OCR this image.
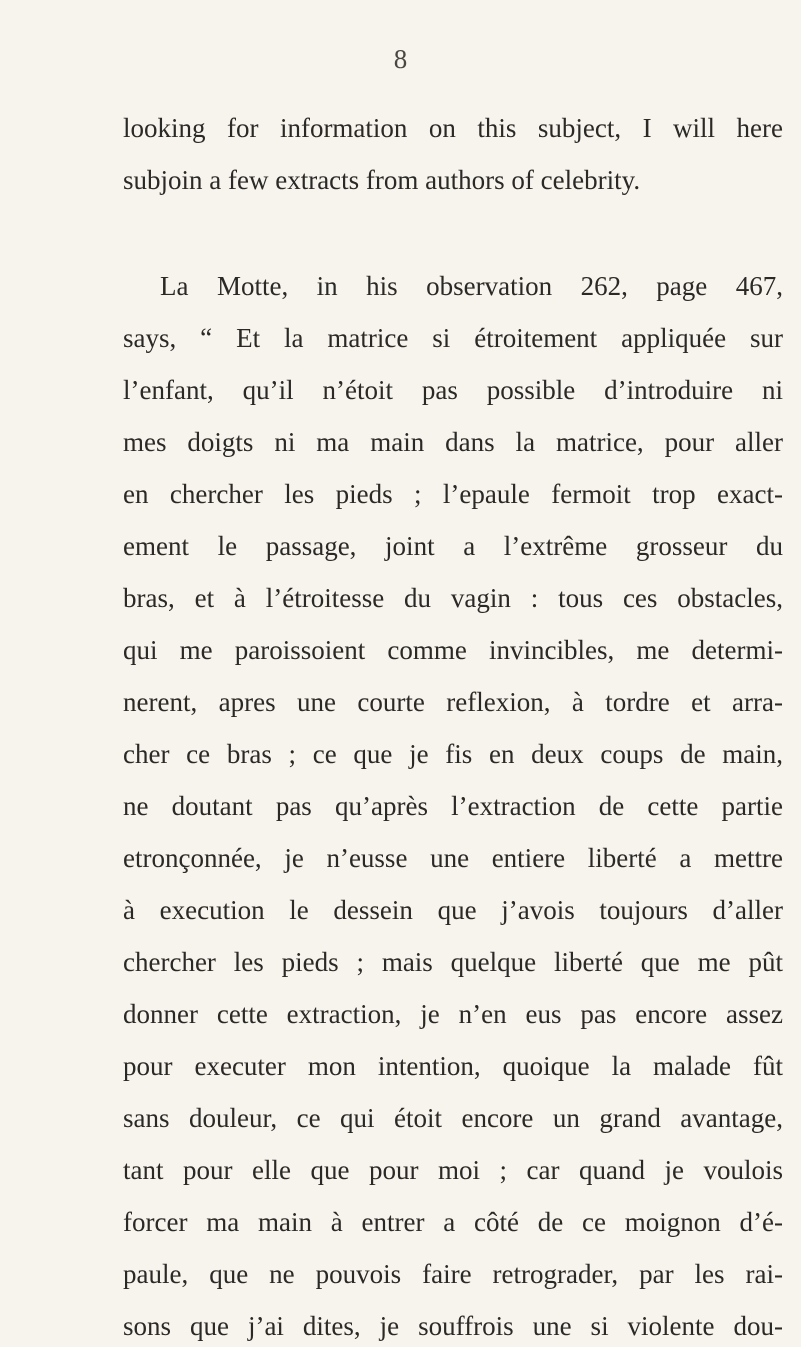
8
looking for information on this subject, I will here
subjoin a few extracts from authors of celebrity.
La Motte, in his observation 262, page 467,
says, “ Et la matrice si étroitement appliquée sur
l’enfant, qu’il n’étoit pas possible d’introduire ni
mes doigts ni ma main dans la matrice, pour aller
en chercher les pieds ; l’epaule fermoit trop exact-
ement le passage, joint a l’extrême grosseur du
bras, et à l’étroitesse du vagin : tous ces obstacles,
qui me paroissoient comme invincibles, me determi-
nerent, apres une courte reflexion, à tordre et arra-
cher ce bras ; ce que je fis en deux coups de main,
ne doutant pas qu’après l’extraction de cette partie
etronçonnée, je n’eusse une entiere liberté a mettre
à execution le dessein que j’avois toujours d’aller
chercher les pieds ; mais quelque liberté que me pût
donner cette extraction, je n’en eus pas encore assez
pour executer mon intention, quoique la malade fût
sans douleur, ce qui étoit encore un grand avantage,
tant pour elle que pour moi ; car quand je voulois
forcer ma main à entrer a côté de ce moignon d’é-
paule, que ne pouvois faire retrograder, par les rai-
sons que j’ai dites, je souffrois une si violente dou-
